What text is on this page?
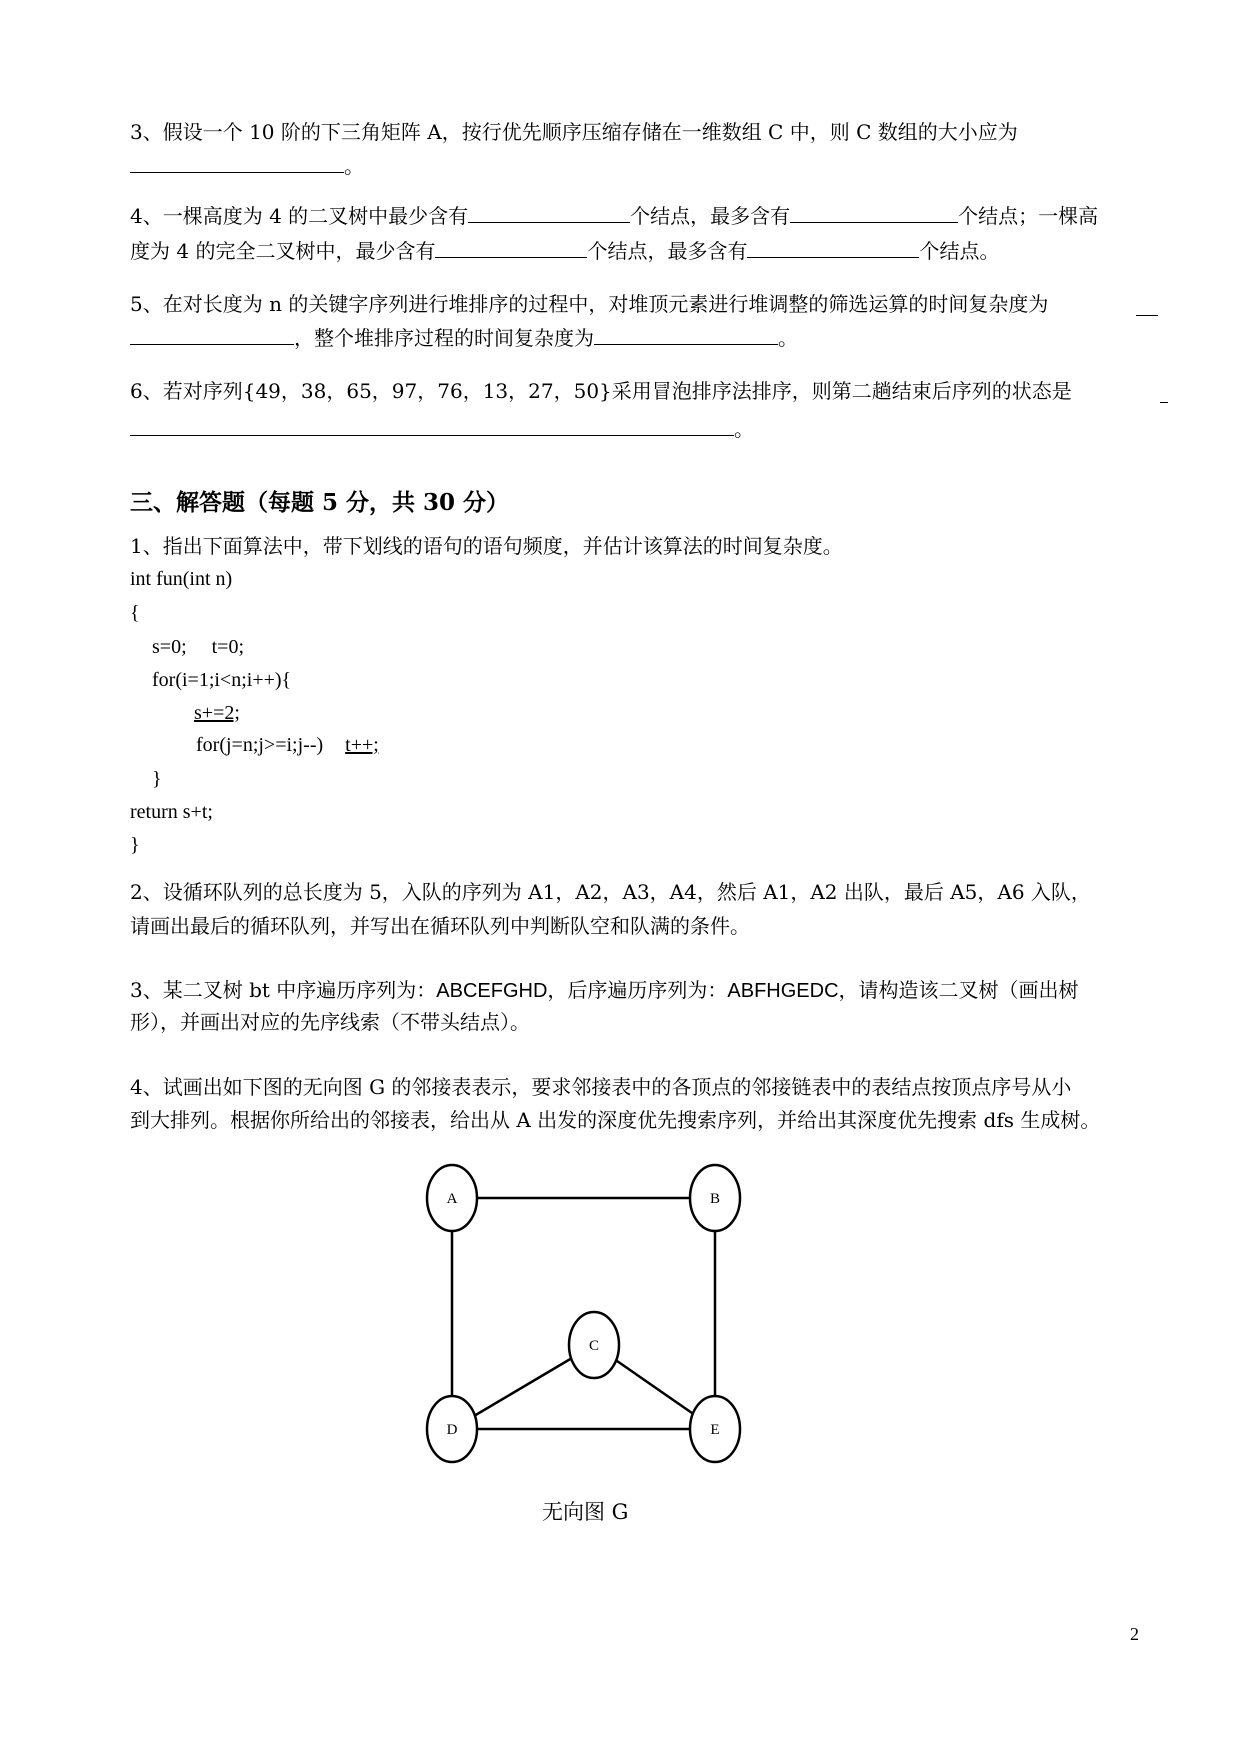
3、假设一个 10 阶的下三角矩阵 A，按行优先顺序压缩存储在一维数组 C 中，则 C 数组的大小应为
。
4、一棵高度为 4 的二叉树中最少含有	个结点，最多含有	个结点；一棵高
度为 4 的完全二叉树中，最少含有	个结点，最多含有	个结点。
5、在对长度为 n 的关键字序列进行堆排序的过程中，对堆顶元素进行堆调整的筛选运算的时间复杂度为
，整个堆排序过程的时间复杂度为	。
6、若对序列{49，38，65，97，76，13，27，50}采用冒泡排序法排序，则第二趟结束后序列的状态是
。
三、解答题（每题 5 分，共 30 分）
1、指出下面算法中，带下划线的语句的语句频度，并估计该算法的时间复杂度。
int fun(int n)
{
s=0;     t=0;
for(i=1;i<n;i++){
s+=2;
for(j=n;j>=i;j--) t++;
}
return s+t;
}
2、设循环队列的总长度为 5，入队的序列为 A1，A2，A3，A4，然后 A1，A2 出队，最后 A5，A6 入队，
请画出最后的循环队列，并写出在循环队列中判断队空和队满的条件。
3、某二叉树 bt 中序遍历序列为：ABCEFGHD，后序遍历序列为：ABFHGEDC，请构造该二叉树（画出树
形），并画出对应的先序线索（不带头结点）。
4、试画出如下图的无向图 G 的邻接表表示，要求邻接表中的各顶点的邻接链表中的表结点按顶点序号从小
到大排列。根据你所给出的邻接表，给出从 A 出发的深度优先搜索序列，并给出其深度优先搜索 dfs 生成树。
A	B
C
D	E
无向图 G
2
